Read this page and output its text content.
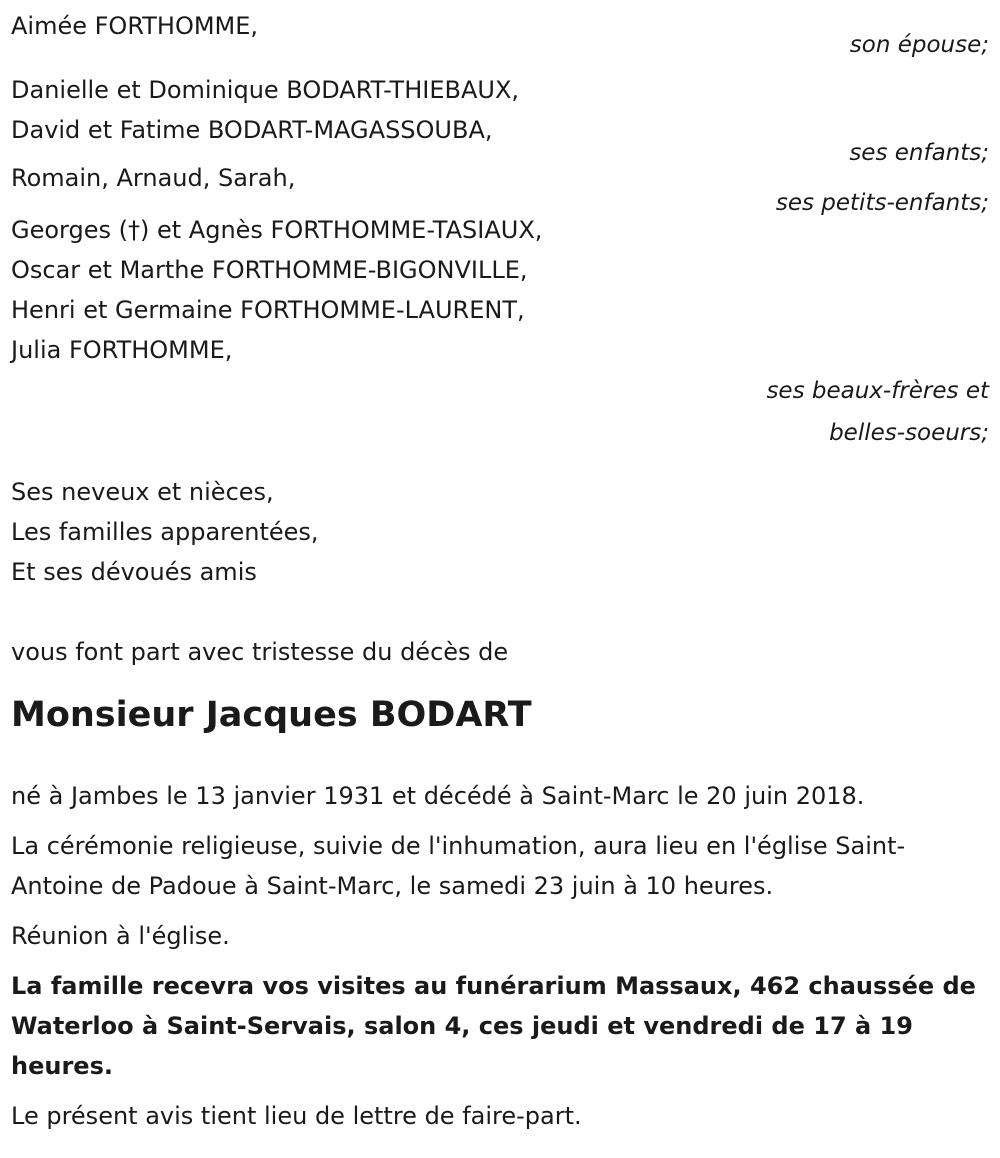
Aimée FORTHOMME,
son épouse;
Danielle et Dominique BODART-THIEBAUX,
David et Fatime BODART-MAGASSOUBA,
ses enfants;
Romain, Arnaud, Sarah,
ses petits-enfants;
Georges (†) et Agnès FORTHOMME-TASIAUX,
Oscar et Marthe FORTHOMME-BIGONVILLE,
Henri et Germaine FORTHOMME-LAURENT,
Julia FORTHOMME,
ses beaux-frères et
belles-soeurs;
Ses neveux et nièces,
Les familles apparentées,
Et ses dévoués amis
vous font part avec tristesse du décès de
Monsieur Jacques BODART
né à Jambes le 13 janvier 1931 et décédé à Saint-Marc le 20 juin 2018.
La cérémonie religieuse, suivie de l'inhumation, aura lieu en l'église Saint-
Antoine de Padoue à Saint-Marc, le samedi 23 juin à 10 heures.
Réunion à l'église.
La famille recevra vos visites au funérarium Massaux, 462 chaussée de
Waterloo à Saint-Servais, salon 4, ces jeudi et vendredi de 17 à 19
heures.
Le présent avis tient lieu de lettre de faire-part.
